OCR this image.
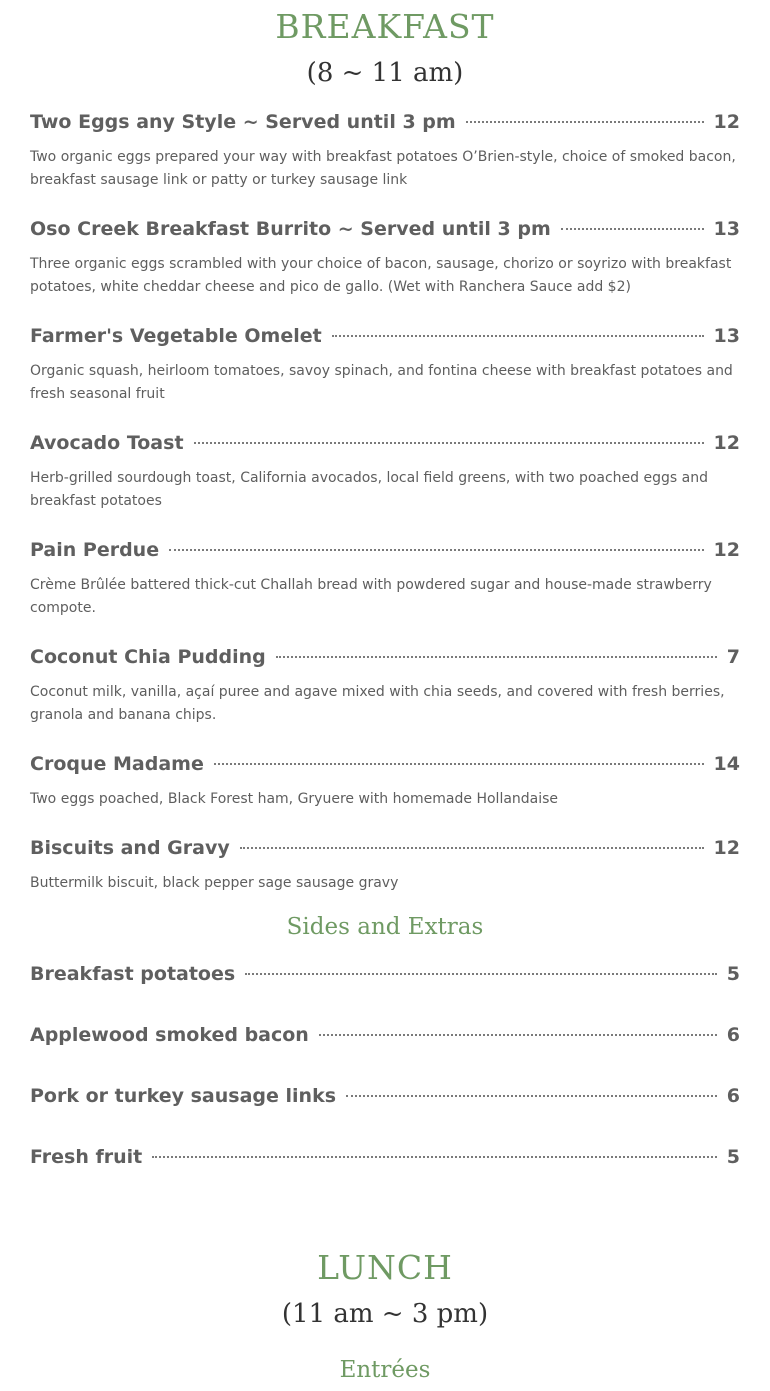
BREAKFAST
(8 ~ 11 am)
Two Eggs any Style ~ Served until 3 pm	12
Two organic eggs prepared your way with breakfast potatoes O’Brien-style, choice of smoked bacon, breakfast sausage link or patty or turkey sausage link
Oso Creek Breakfast Burrito ~ Served until 3 pm	13
Three organic eggs scrambled with your choice of bacon, sausage, chorizo or soyrizo with breakfast potatoes, white cheddar cheese and pico de gallo. (Wet with Ranchera Sauce add $2)
Farmer's Vegetable Omelet	13
Organic squash, heirloom tomatoes, savoy spinach, and fontina cheese with breakfast potatoes and fresh seasonal fruit
Avocado Toast	12
Herb-grilled sourdough toast, California avocados, local field greens, with two poached eggs and breakfast potatoes
Pain Perdue	12
Crème Brûlée battered thick-cut Challah bread with powdered sugar and house-made strawberry compote.
Coconut Chia Pudding	7
Coconut milk, vanilla, açaí puree and agave mixed with chia seeds, and covered with fresh berries, granola and banana chips.
Croque Madame	14
Two eggs poached, Black Forest ham, Gryuere with homemade Hollandaise
Biscuits and Gravy	12
Buttermilk biscuit, black pepper sage sausage gravy
Sides and Extras
Breakfast potatoes	5
Applewood smoked bacon	6
Pork or turkey sausage links	6
Fresh fruit	5
LUNCH
(11 am ~ 3 pm)
Entrées
